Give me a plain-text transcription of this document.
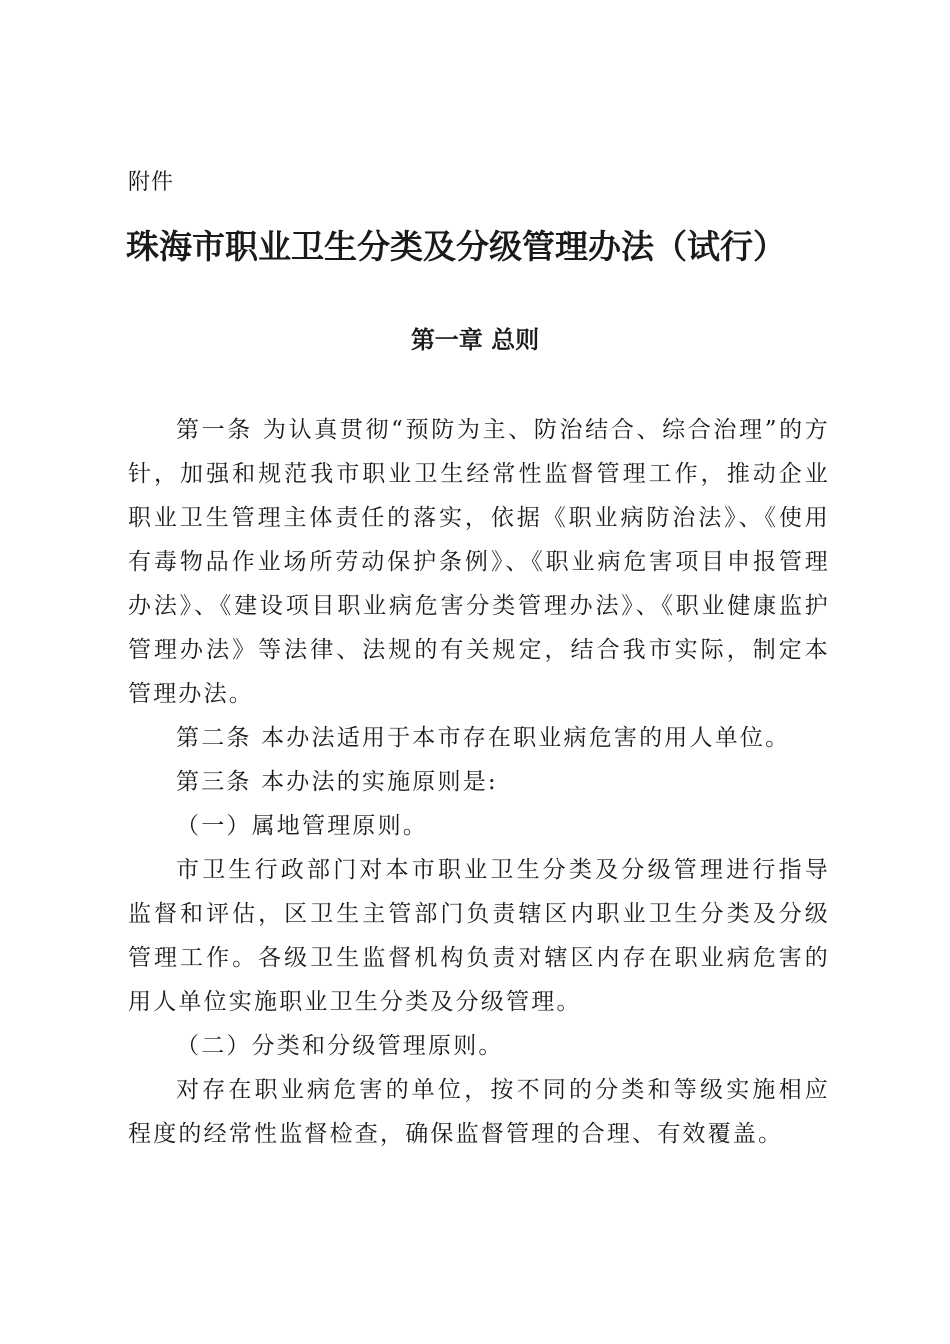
附件
珠海市职业卫生分类及分级管理办法（试行）
第一章 总则

第一条 为认真贯彻“预防为主、防治结合、综合治理”的方针，加强和规范我市职业卫生经常性监督管理工作，推动企业职业卫生管理主体责任的落实，依据《职业病防治法》、《使用有毒物品作业场所劳动保护条例》、《职业病危害项目申报管理办法》、《建设项目职业病危害分类管理办法》、《职业健康监护管理办法》等法律、法规的有关规定，结合我市实际，制定本管理办法。

第二条 本办法适用于本市存在职业病危害的用人单位。

第三条 本办法的实施原则是:

（一）属地管理原则。

市卫生行政部门对本市职业卫生分类及分级管理进行指导监督和评估，区卫生主管部门负责辖区内职业卫生分类及分级管理工作。各级卫生监督机构负责对辖区内存在职业病危害的用人单位实施职业卫生分类及分级管理。

（二）分类和分级管理原则。

对存在职业病危害的单位，按不同的分类和等级实施相应程度的经常性监督检查，确保监督管理的合理、有效覆盖。
